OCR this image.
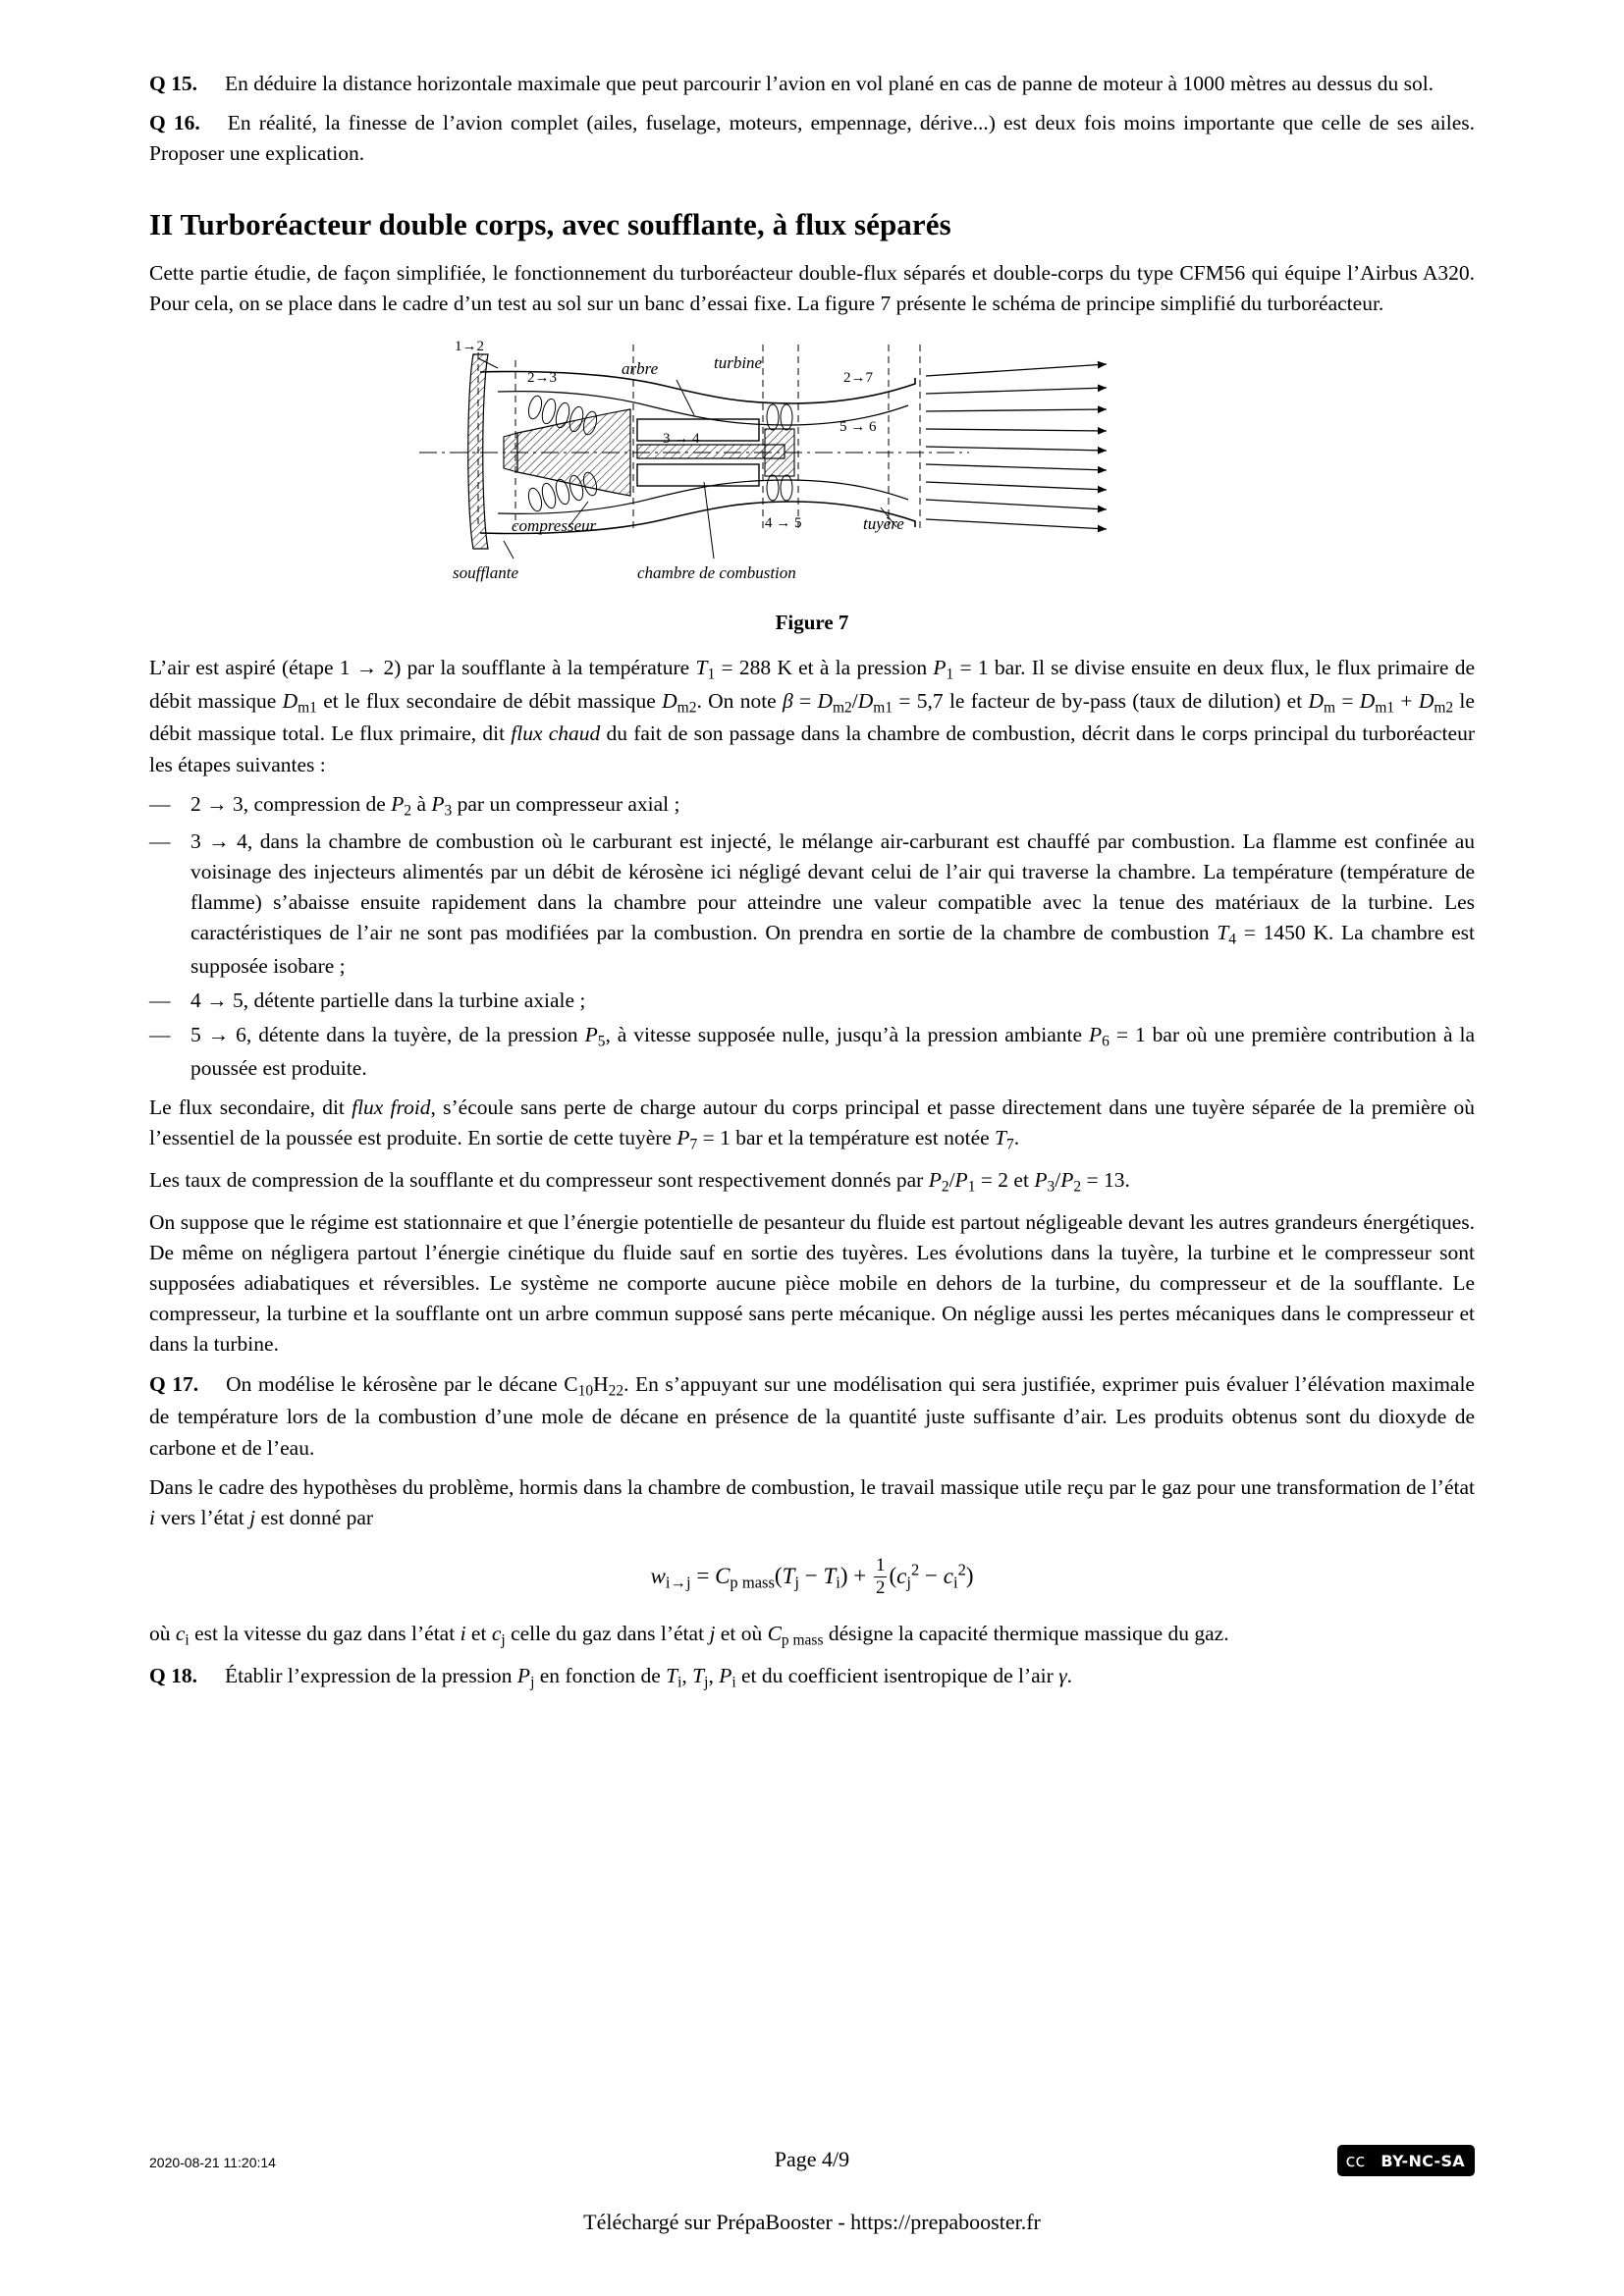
Q 15. En déduire la distance horizontale maximale que peut parcourir l’avion en vol plané en cas de panne de moteur à 1000 mètres au dessus du sol.

Q 16. En réalité, la finesse de l’avion complet (ailes, fuselage, moteurs, empennage, dérive...) est deux fois moins importante que celle de ses ailes. Proposer une explication.

II Turboréacteur double corps, avec soufflante, à flux séparés

Cette partie étudie, de façon simplifiée, le fonctionnement du turboréacteur double-flux séparés et double-corps du type CFM56 qui équipe l’Airbus A320. Pour cela, on se place dans le cadre d’un test au sol sur un banc d’essai fixe. La figure 7 présente le schéma de principe simplifié du turboréacteur.

1→2
2→3
3 → 4
4 → 5
2→7
5 → 6
arbre	turbine
compresseur
soufflante
tuyère
chambre de combustion
Figure 7

L’air est aspiré (étape 1 → 2) par la soufflante à la température $T_1 = 288$ K et à la pression $P_1 = 1$ bar. Il se divise ensuite en deux flux, le flux primaire de débit massique $D_{m1}$ et le flux secondaire de débit massique $D_{m2}$. On note $\beta = D_{m2}/D_{m1} = 5,7$ le facteur de by-pass (taux de dilution) et $D_m = D_{m1} + D_{m2}$ le débit massique total. Le flux primaire, dit flux chaud du fait de son passage dans la chambre de combustion, décrit dans le corps principal du turboréacteur les étapes suivantes :

— 2 → 3, compression de $P_2$ à $P_3$ par un compresseur axial ;
— 3 → 4, dans la chambre de combustion où le carburant est injecté, le mélange air-carburant est chauffé par combustion. La flamme est confinée au voisinage des injecteurs alimentés par un débit de kérosène ici négligé devant celui de l’air qui traverse la chambre. La température (température de flamme) s’abaisse ensuite rapidement dans la chambre pour atteindre une valeur compatible avec la tenue des matériaux de la turbine. Les caractéristiques de l’air ne sont pas modifiées par la combustion. On prendra en sortie de la chambre de combustion $T_4 = 1450$ K. La chambre est supposée isobare ;
— 4 → 5, détente partielle dans la turbine axiale ;
— 5 → 6, détente dans la tuyère, de la pression $P_5$, à vitesse supposée nulle, jusqu’à la pression ambiante $P_6 = 1$ bar où une première contribution à la poussée est produite.

Le flux secondaire, dit flux froid, s’écoule sans perte de charge autour du corps principal et passe directement dans une tuyère séparée de la première où l’essentiel de la poussée est produite. En sortie de cette tuyère $P_7 = 1$ bar et la température est notée $T_7$.

Les taux de compression de la soufflante et du compresseur sont respectivement donnés par $P_2/P_1 = 2$ et $P_3/P_2 = 13$.

On suppose que le régime est stationnaire et que l’énergie potentielle de pesanteur du fluide est partout négligeable devant les autres grandeurs énergétiques. De même on négligera partout l’énergie cinétique du fluide sauf en sortie des tuyères. Les évolutions dans la tuyère, la turbine et le compresseur sont supposées adiabatiques et réversibles. Le système ne comporte aucune pièce mobile en dehors de la turbine, du compresseur et de la soufflante. Le compresseur, la turbine et la soufflante ont un arbre commun supposé sans perte mécanique. On néglige aussi les pertes mécaniques dans le compresseur et dans la turbine.

Q 17. On modélise le kérosène par le décane $C_{10}H_{22}$. En s’appuyant sur une modélisation qui sera justifiée, exprimer puis évaluer l’élévation maximale de température lors de la combustion d’une mole de décane en présence de la quantité juste suffisante d’air. Les produits obtenus sont du dioxyde de carbone et de l’eau.

Dans le cadre des hypothèses du problème, hormis dans la chambre de combustion, le travail massique utile reçu par le gaz pour une transformation de l’état i vers l’état j est donné par

$w_{i\to j} = C_p$ $_{mass}(T_j - T_i) + \frac{1}{2} (c_j^2 - c_i^2)$

où $c_i$ est la vitesse du gaz dans l’état i et $c_j$ celle du gaz dans l’état j et où $C_p$ $_{mass}$ désigne la capacité thermique massique du gaz.

Q 18. Établir l’expression de la pression $P_j$ en fonction de $T_i$, $T_j$, $P_i$ et du coefficient isentropique de l’air γ.

2020-08-21 11:20:14	Page 4/9	cc	BY-NC-SA
Téléchargé sur PrépaBooster - https://prepabooster.fr
